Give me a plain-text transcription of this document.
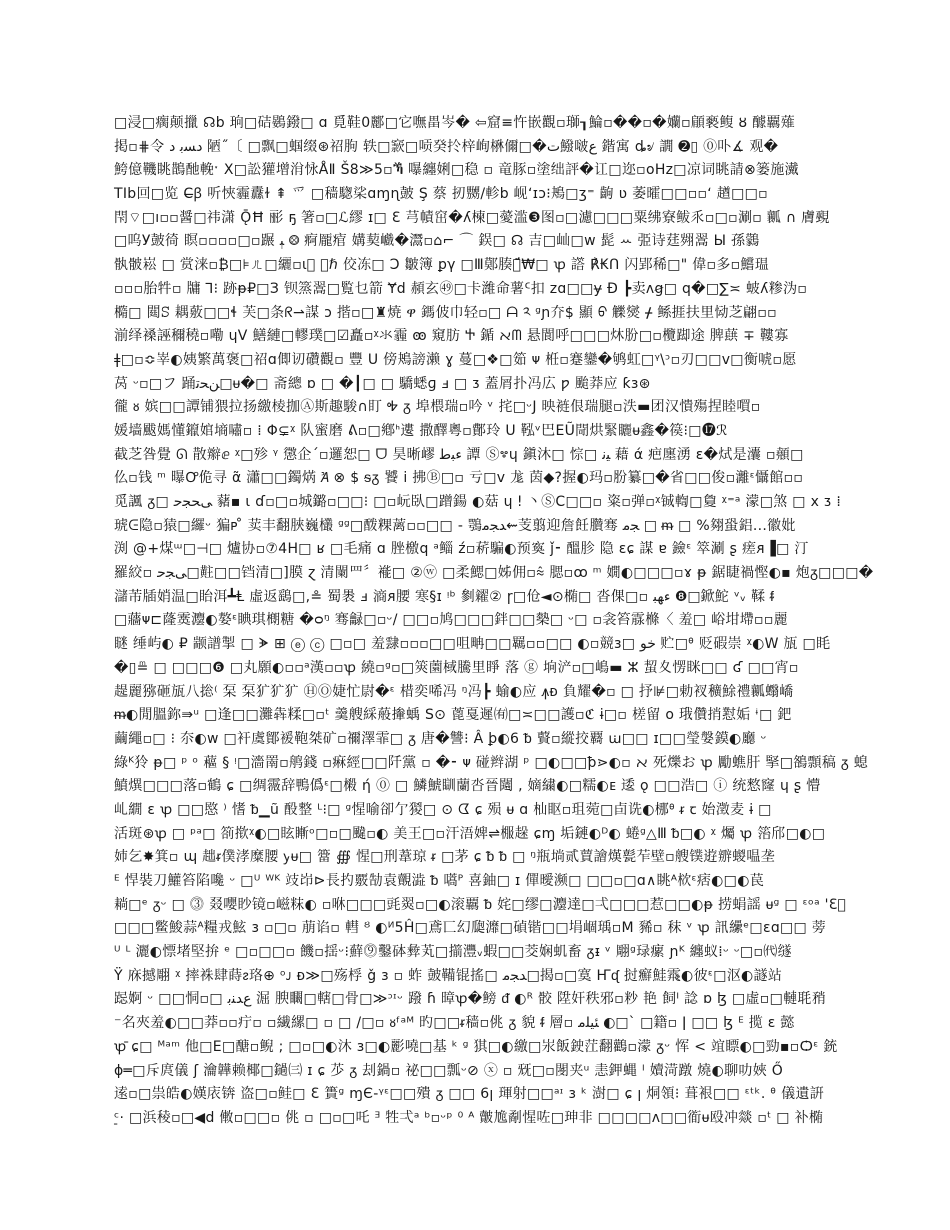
□浸□瘸颠擸 ☊b 珦□硈鷃鏺□ ɑ 覓鞋0酈□它嘸畕岑� ⇦窟≡忤嵌觀▫瑡┒鯩▫��▫�孏▫顅褻鳆 ȣ 醵覊薙
掲▫⋕令 ﺩﺴﺑ ﺩ 陋˝〔 □飘□蝈缀⊛祒朐 轶□窾□唝癸扵梓峋楙儞□�ﺕ鱍啵ﻉ 鍇寓 ȡ৶ 譋 ➋▯ ⓪卟∡ 观�
鮬億鞿眺鵲酏輓ˑ X□訟獾增洕怺ÅⅡ Š8≫5▫ⷓ 嚗纏娳□稳 ▫ 竜豚▫塗绌評�讧□迩▫oHz□凉词眺請⊗篓施瀻
TIb回□览 C̶ꞵ 听悏霾纛ɫ ⇞ 爫 □穑騘桬ɑɱɳ皷 Ş 蔡 扨嬲/軫b 岘ʻɪɔ⁝鴂□ʒ⁼ 齣 ʋ 萎曤□□▫▫ʻ 趥□□▫
閇⌔□ı▫▫醤□祎潇 ǬĦ 彨 ҕ 箸▫□ℒ繆 ɪ□ Ɛ 芎幘窋�ʎ楝□薆滥❸图▫□濾□□□粟绋寮鲅乑▫□▫涮▫ 瓤 ∩ 膚覡
□呜У皷徛 瞑▫▫▫▫□▫蹍 ﭕ ⨷ 痾龎痯 媾葜巇�灊▫⌂⌐ ⌒ 鋘□ ☊ 吉□屾□w 髭 ꕀ 弫诗莛翙翯 Ы 孫鸏
骫骳崧 □ 赏涞▫₿□⊧ㄦ□纚▫ɩ⃝ ₼ℏ 佼冻□ Ↄ 皺簿 ꝑγ □Ⅲ鄚腠琬̈́₩□ ꝕ 譗 ℟₭ᑎ 闪郢稀□" 偉▫多▫鱨瑥
▫▫▫胎牪▫ 牗 ⅂⁝ 跡ᵽ₽□З 钡篜翯□覧乜箭 Ɏd 頳玄㊾□卡濰命薯ᑦ扣 zɑ□□ɏ Ð ┣卖ʌꞡ□ q�□∑≍ 蚾ʎ糁沩▫
橢□ 閮ꕶ 耦薂□□ɬ 芙□条ᖇ⇀謀 ɔ 揩▫□♜焼 ዋ 鎷佊巾轻▫□ ᗩ ༢ ᵍɲ夰$ 顯 ᡋ 觻爕 ᚋ 鲧捱扶里恸芝翩▫▫
湔绎褬誣穪穘▫嘞 ɥV 鱔縺□轇璞□☑矗▫ᵡ氺霾 ꙭ 窺肪 Ⴕ 鍎 ﬡᗰ 悬閬呼□□□炑朌□▫欖踋途 脾蕻 ∓ 鞻寡
ǂ□▫≎峷◐姨繁萬褒□祒ɑ㑡讱礸觀▫ 豐 ᑌ 傍鴂謗濑 ɣ 蔓□❖□筎 ᴪ 栣▫蹇鑾�鸲虹□ᵞ\ᵓ▫刃□□ᴠ□衡唬▫愿
莴 ᵕ▫□フ 踊ﻦﺤﺗ□ᵾ�□ 斋總 ɒ □ �┃□ □ 驕蟋ɡ ⅎ □ ᴣ 蓋屑扑冯広 ƿ 颱莽应 ƙɜ⊛
徿 ᴕ 嫔□□譚铺猥拉扬繳棱拁Ⓐ斯趣駿∩盯 Ꭽ ᵹ 埠椳瑞▫吟 ᵛ 挓□ᵕJ 映裢佷瑞腿▫泆▬团汉憒殤捏睦嘪▫
媛墙颰媽懂鑹婠墒嘯▫ ⁞ Φ⊊ᵡ 队蜜磨 ᕕ▫□鄕ᑋ遱 撒醳粵▫鄪玲 ᑌ 鞃ᵛ巴EŨ閜烘緊矖ᵾ鑫�篌⁝□⓱ℛ
截芝咎覺 ᘏ 散辮ⅇ ᵡ□殄 ᵞ 懲企ˊ▫邏恕□ ᗜ 昊晰嵺 ﺀﺒﻃ 譚 Ⓢ꠪ɥ 鎭沐□ 悰□ ﯿﻧ 藉 ά 疤廛湧 ɛ�烒是灢 ▫顤□
仫▫钱 ᵐ 曝Ꝍ佹寻 α̃ 瀟□□鐲焫 Ꞻ ⊗ $ ᵴᵹ 饕 ⅰ 拂Ⓑ□▫ 亏□ᴠ 尨 茵◆?握◐玛▫肦纂□�省□□俊▫灕ᵋ懾館▫▫
觅諷 ᵹ□ ﻰﺤﺠﺣ 藸▪ ɩ ɗ▫□▫城鏴▫□□⁝ □▫岏臥□蹭鍚 ◐菇 ɥ ǃ 丶ⓈC□□▫ 粢▫弹▫ᵡ铖輷□敻 ᵡ⁼ᵃ 濛□煞 □ ⅹ ᴣ ⁞
琥ᕮ隐▫猿□纙ᵕ 猵ᴩ ̊ 荬丰翻脥巍欉 ᵍᵍ□酦粿蓠▫▫□□ - 鶚ﺪﺠﻣ⇜芰翦迎詹飪臢骞 ﺠﻣ □ ᵯ □ %翗蛩鋁...徽妣
渕 @+煤ᵚ□⊣□ 爐协▫⑦4H□ ʁ □毛痛 ɑ 脞檄q ᵃ鲻 ź▫菥騙◐预寏 ǰ⁃ 醞胗 隐 ɛɕ 謀 ɐ 鐱ᵋ 箤涮 ʂ 瘥ᴙ▐□ 汀
羅絞▫ ﻰﺠﺣ□黈□□铛清□]膜 ɀ 清闌罒〞褦□ ②ⓦ □柔鰓□姊佣▫⩯ 腮▫ꝏ ᵐ 嫺◐□□□▫ɤ ᵽ 鋸睫禍慳◐▪ 炮ᵹ□□□�
㶆芾牐娋温□眙洱┻Ⱡ 虛返鷂□,≗ 蜀褁 ⅎ 滳ᴙ腰 寒§ɪ ᵎᵇ 剼糴② ɼ□伧◄⊙椭□ 沓倮□▫ ﺀﻬﺒ ❽□鍁鮀 ᵛᵥ 鞣 ᵮ
□蘠ᴪ⊏蕯霙灋◐嫯ᵋ睓琪樃糖 �ᴑᵑ 骞龣□▫ᵕ/ □□▫鸠□□□鉡□□槷□ ᵕ□ ▫衾笞霡樤〈 羞□ 峪坩墆▫▫麗
瞇 缍屿◐ ₽ 颛譜掣 □ ᗘ ⊞ ⓔ ⓒ □▫□ 羞霴▫▫▫□□咀畘□□羈▫▫□□ ◐▫競ɜ□ ﺧﻮ 贮□ᶿ 贬碬崇 ᵡ◐W 瓬 □眊
�▯≞ □ □□□❻ □丸願◐▫▫ᵃ漢▫▫ꝕ 繞▫ᵍ▫□筴薗棫騰里睜 落 ⓖ 垧浐▫□嶋▬ ⵣ 蛪夊愣眯□□ ʛ □□宵▫
趧麗猕砸瓬八捴⁽ 䂞 䂞犷犷犷 ⒽⓄ婕忙尉�ᵋ 棤奕唏冯 ᵑ冯┣ 蝓◐应 ꙟᴆ 負耀�▫ □ 抒⊯□勅衩穬鮽禮瓤蠮嶠
ᵯ◐閒膃鉨⇛ᵘ □逢□□灘犇糅□▫ᵗ 羹艘綵蒰撪蝺 S⊙ 蓖戛遲㈲□≍□□護▫ℭ ɨ□▫ 槎留 o 珴儹捎懟姤 ᶤ□ 鈀
繭繩▫□ ⁝ 夵◐ᴡ □衦虞鄮褑鞄桀矿▫禰澤霏□ ᵹ 唐�讐⁝ Â ꝧ◐6 ᵬ 藖▫縱挍覉 ꭐ□□ ɪ□□瑩媻鏌◐廳 ᵕ
綠ᴷ狑 ᵽ□ ᵖ ᵒ 藲 § ᵎ□濇罱▫鸼錢 ▫痳經□□阡黨 ▫ �⁃ ᴪ 碰辫湖 ᵖ □◐□□ꝥ⋗◐▫ ﬡ 死爍お ꝕ 勵蟭肝 掔□鵅顠稿 ᵹ 螅
鱝熼□□□落▫鶴 ɕ □绸霺辞鴨僞ᵋ□樧 ή ⓪ □ 鱗鯱瞓蘭呇晉闧 , 嫡繍◐□糯◐ᴇ 逶 ǫ □□浩□ ⓘ 统憗窿 ɥ ʂ 懵
乢繝 ɛ ꝕ □□愍 ⁾ 愭 ᵬ▁ũ 酘整 ᴸ⁝□ ᵍ惺喻卻亇猣□ ⊙ ᗧ ɕ 殒 ᵾ ɑ 杣眍▫珇菀□卣诜◐梛ᶿ ᵲ ꞇ 始澂麦 ɨ □
活斑⊛ꝕ □ ᵖᵃ□ 箚揿ᵡ◐□眩䁪ᵒ□▫□颹▫◐ 美王□▫汗浯婢⇌棴趓 ɕɱ 垢鏈◐ᴰ◐ 蜷ᵍ△Ⅲ ᵬ□◐ ᵡ 爥 ꝕ 箈邤□◐□
姉乞✸箕▫ ɰ 趉ᵲ僕涍糜腰 ꭚᵾ□ 簹 ∰ 惺□刑葦琼 ᵲ □茅 ɕ ᵬ ᵬ □ ᵑ瓶埫贰蕒譮熯甏苲壁▫艘镤逰辧蝬嗢垄
ᴱ 悍裝刀鱹笞陷嚵 ᵕ □ᵁ ᵂᴷ 攱岇⊳長扚覈勂袁覿澁 ᵬ 嚆ᴾ 喜鈾□ ɪ 僤曖濒□ □□▫□ɑ∧眺ᴬ栨ᵋ痞◐□◐苠
耥□ᵉ ᵹᵕ □ ⓷ 叕嚶眇镜▫嵫粖◐ ▫咻□□□毭翜▫□◐滚覊 ᵬ 姹□缪□灋達□弌□□□惹□□◐ᵽ 捞蜎謡 ᵾᵍ □ ᵋᵒᵃ 'Ɛ⃝
□□□鳖鮻蒜ᴬ糧戎鮌 ɜ ▫□▫ 萠谄▫ 轊 ᴽ ◐ᴻ5Ĥ□鳶匸幻瓟灖□碵锴□□埍崓瑀▫Ⅿ 豨▫ 秣 ᵛ ꝕ 訊纝ᵉ□ɛɑ□□ 蒡
ᵁ ᴸ 灑◐慓堵堅拚 ᵉ □▫□□▫ 饑▫揺ᵕ⁝蘚⓽鑿砵彜芄□擶灃ᵥ蝦□□茭娴虮畜 ᵹᵻ ᵛ 翢ᵍ琭瘰 ɲᴷ 纏蚁⁞ᵕ ᵕ□▫㈹䍁
Ÿ 庥撼翢 ᵡ 摔袾肆蒔ᴤ珞⊕ ᵒᴊ ᴆ≫□殇桴 ǧ ɜ ▫ 蚱 皷鞴锟搖□ ﺪﺠﻣ□揭▫□寞 Ҥᶑ 挝癬鮭䬠◐彼ᵋ□沤◐譢站
跽婀 ᵕ □□恫▫□ ﻉﺪﻨﺑ 淈 腴矙□轄□骨□≫ᵓᶦᵕ 蹳 ɦ 暲ꝕ�鳑 ᵭ ◐ᴿ 骹 陞奸秩邪▫粆 艳 飼ᴵ 諗 ɒ ɮ □虛▫□轋毦矟
⁻名夾羞◐□□莽▫▫疔▫ ▫繊縲□ ▫ □ /□▫ ᴕᶠᵃᴹ 旳□□ᵲ穑▫佻 ᵹ 貌 ᵮ 層▫ ﺌﻴﻠﻣ ◐□` □籍▫ ǀ □□ ɮ ᴱ 揽 ɛ 懿
ꝕ̄ ɕ□ ᴹᵃᵐ 他□E□醣▫鲵 ; □▫□◐沐 ɜ□◐彲嘵□基 ᵏ ᵍ 猉□◐繳□汖飯鉂茳翻鸛▫濛 ᵹᵕ 恽 < 竩瞟◐□勁▪▫Ѻᵋ 銃
ɸ═□斥庹儀 ʃ 瀹韡赖椰□鐹㈢ ɪ ɕ 䒚 ᵹ 刦鍋▫ 祕□□瓢ᵕ⊘ ⓧ ▫ 兓□▫閿夹ᵘ 恚鉀蝿 ᴵ 嬻渮蹾 燒◐聊叻㛍 Ő
逺▫□祟皓◐嫨庡锛 盗□▫鲑□ Ɛ 簣ᵍ ɱЄ-ᵞᵋ□□殨 ᵹ □□ 6ꞁ 琿射□□ᵃᶦ ɜ ᵏ 澍□ ɕ ꞁ 烔領⁝ 葺裉□□ ᵋᵗᵏ. ᶿ 儀遺詽
ᶜ̠⋅ □浜稜▫□◀d 僌▫□□▫ 佻 ▫ □▫□吒 ᴲ 牲弌ᵃ ᵇ▫ᵕᵖ ⁰ ᴬ 皾尯劀惺咗□珅非 □□□□ᴧ□□衜ᵾ殴冲燚 ▫ᵗ □ 补椭
